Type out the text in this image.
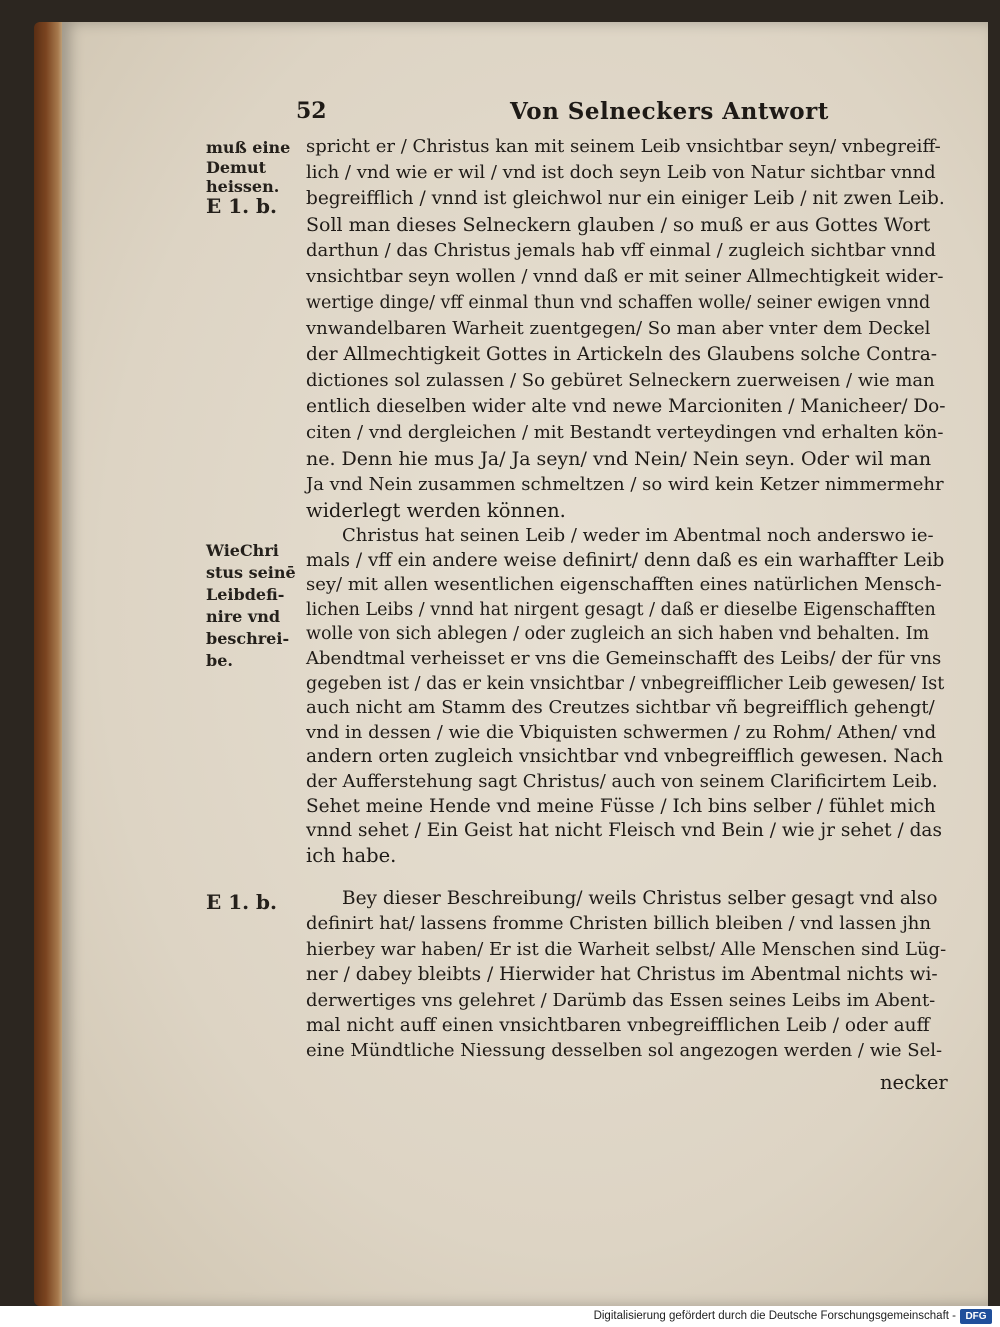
52	Von Selneckers Antwort
muß eine
Demut
heissen.
E 1. b.
WieChri
stus seinē
Leibdefi-
nire vnd
beschrei-
be.
E 1. b.
spricht er / Christus kan mit seinem Leib vnsichtbar seyn/ vnbegreiff-
lich / vnd wie er wil / vnd ist doch seyn Leib von Natur sichtbar vnnd
begreifflich / vnnd ist gleichwol nur ein einiger Leib / nit zwen Leib.
Soll man dieses Selneckern glauben / so muß er aus Gottes Wort
darthun / das Christus jemals hab vff einmal / zugleich sichtbar vnnd
vnsichtbar seyn wollen / vnnd daß er mit seiner Allmechtigkeit wider-
wertige dinge/ vff einmal thun vnd schaffen wolle/ seiner ewigen vnnd
vnwandelbaren Warheit zuentgegen/ So man aber vnter dem Deckel
der Allmechtigkeit Gottes in Artickeln des Glaubens solche Contra-
dictiones sol zulassen / So gebüret Selneckern zuerweisen / wie man
entlich dieselben wider alte vnd newe Marcioniten / Manicheer/ Do-
citen / vnd dergleichen / mit Bestandt verteydingen vnd erhalten kön-
ne. Denn hie mus Ja/ Ja seyn/ vnd Nein/ Nein seyn. Oder wil man
Ja vnd Nein zusammen schmeltzen / so wird kein Ketzer nimmermehr
widerlegt werden können.
Christus hat seinen Leib / weder im Abentmal noch anderswo ie-
mals / vff ein andere weise definirt/ denn daß es ein warhaffter Leib
sey/ mit allen wesentlichen eigenschafften eines natürlichen Mensch-
lichen Leibs / vnnd hat nirgent gesagt / daß er dieselbe Eigenschafften
wolle von sich ablegen / oder zugleich an sich haben vnd behalten. Im
Abendtmal verheisset er vns die Gemeinschafft des Leibs/ der für vns
gegeben ist / das er kein vnsichtbar / vnbegreifflicher Leib gewesen/ Ist
auch nicht am Stamm des Creutzes sichtbar vñ begreifflich gehengt/
vnd in dessen / wie die Vbiquisten schwermen / zu Rohm/ Athen/ vnd
andern orten zugleich vnsichtbar vnd vnbegreifflich gewesen. Nach
der Aufferstehung sagt Christus/ auch von seinem Clarificirtem Leib.
Sehet meine Hende vnd meine Füsse / Ich bins selber / fühlet mich
vnnd sehet / Ein Geist hat nicht Fleisch vnd Bein / wie jr sehet / das
ich habe.
Bey dieser Beschreibung/ weils Christus selber gesagt vnd also
definirt hat/ lassens fromme Christen billich bleiben / vnd lassen jhn
hierbey war haben/ Er ist die Warheit selbst/ Alle Menschen sind Lüg-
ner / dabey bleibts / Hierwider hat Christus im Abentmal nichts wi-
derwertiges vns gelehret / Darümb das Essen seines Leibs im Abent-
mal nicht auff einen vnsichtbaren vnbegreifflichen Leib / oder auff
eine Mündtliche Niessung desselben sol angezogen werden / wie Sel-
necker
Digitalisierung gefördert durch die Deutsche Forschungsgemeinschaft - DFG
